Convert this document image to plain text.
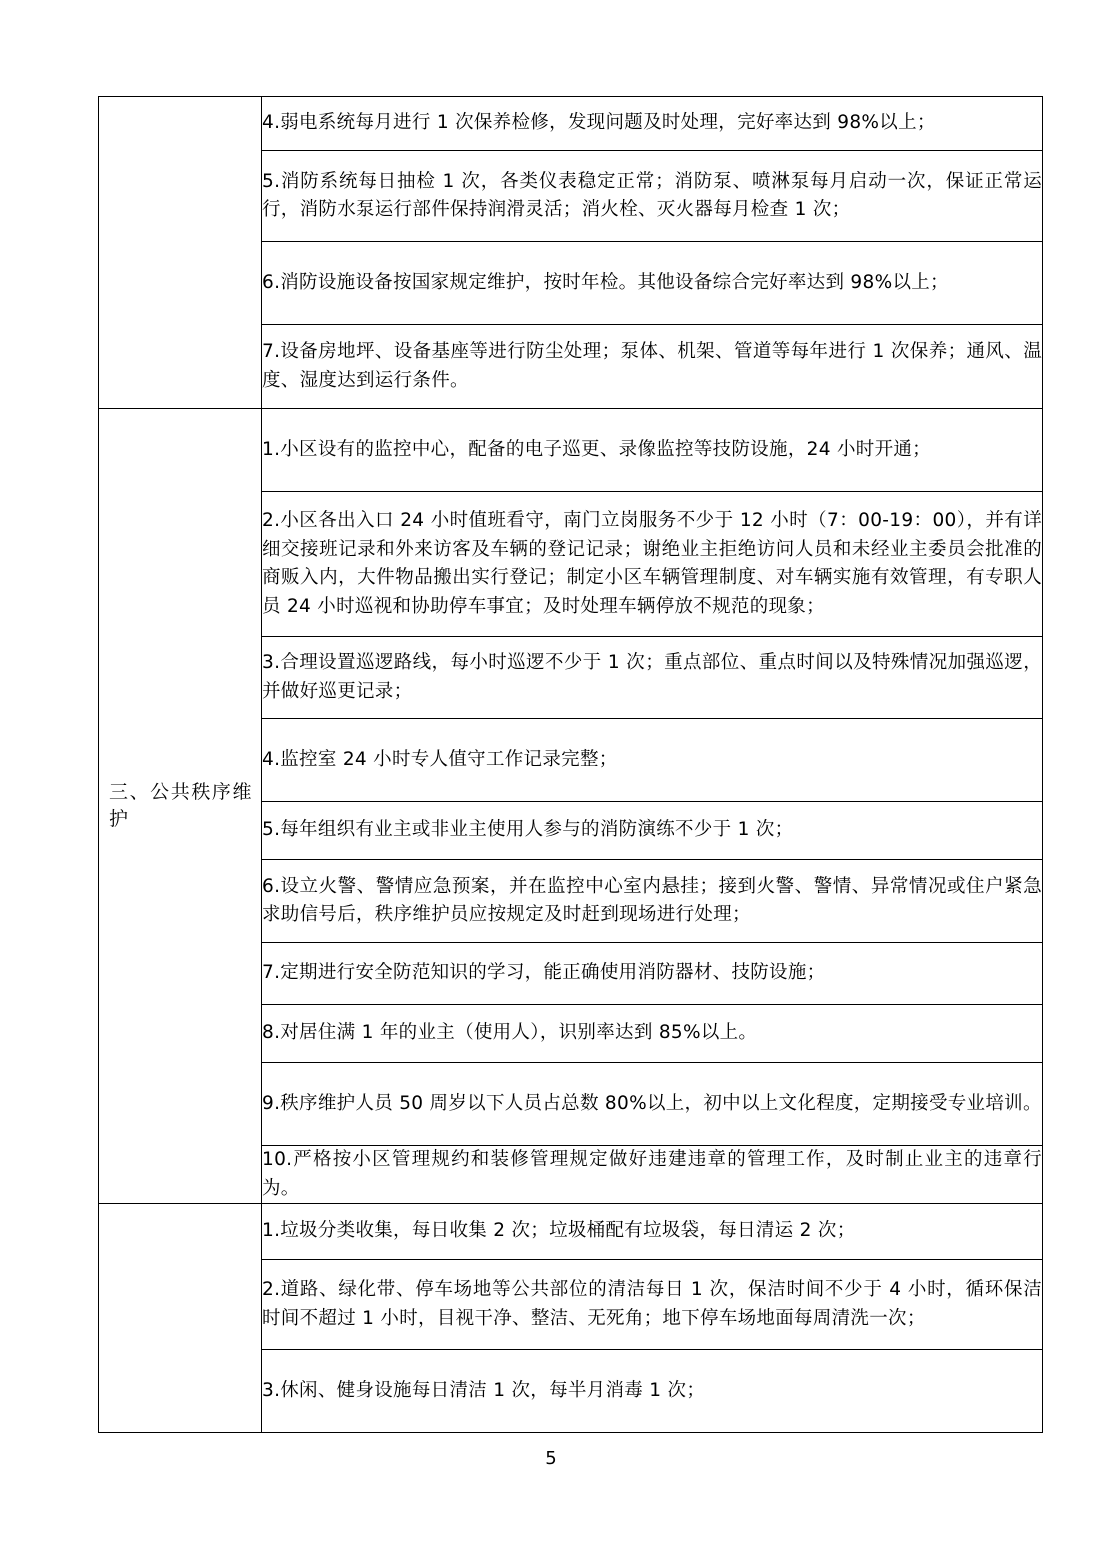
	4.弱电系统每月进行 1 次保养检修，发现问题及时处理，完好率达到 98%以上；

	5.消防系统每日抽检 1 次，各类仪表稳定正常；消防泵、喷淋泵每月启动一次，保证正常运行，消防水泵运行部件保持润滑灵活；消火栓、灭火器每月检查 1 次；

	6.消防设施设备按国家规定维护，按时年检。其他设备综合完好率达到 98%以上；

	7.设备房地坪、设备基座等进行防尘处理；泵体、机架、管道等每年进行 1 次保养；通风、温度、湿度达到运行条件。

三、公共秩序维护	1.小区设有的监控中心，配备的电子巡更、录像监控等技防设施，24 小时开通；

	2.小区各出入口 24 小时值班看守，南门立岗服务不少于 12 小时（7：00-19：00），并有详细交接班记录和外来访客及车辆的登记记录；谢绝业主拒绝访问人员和未经业主委员会批准的商贩入内，大件物品搬出实行登记；制定小区车辆管理制度、对车辆实施有效管理，有专职人员 24 小时巡视和协助停车事宜；及时处理车辆停放不规范的现象；

	3.合理设置巡逻路线，每小时巡逻不少于 1 次；重点部位、重点时间以及特殊情况加强巡逻，并做好巡更记录；

	4.监控室 24 小时专人值守工作记录完整；

	5.每年组织有业主或非业主使用人参与的消防演练不少于 1 次；

	6.设立火警、警情应急预案，并在监控中心室内悬挂；接到火警、警情、异常情况或住户紧急求助信号后，秩序维护员应按规定及时赶到现场进行处理；

	7.定期进行安全防范知识的学习，能正确使用消防器材、技防设施；

	8.对居住满 1 年的业主（使用人），识别率达到 85%以上。

	9.秩序维护人员 50 周岁以下人员占总数 80%以上，初中以上文化程度，定期接受专业培训。

	10.严格按小区管理规约和装修管理规定做好违建违章的管理工作，及时制止业主的违章行为。

	1.垃圾分类收集，每日收集 2 次；垃圾桶配有垃圾袋，每日清运 2 次；

	2.道路、绿化带、停车场地等公共部位的清洁每日 1 次，保洁时间不少于 4 小时，循环保洁时间不超过 1 小时，目视干净、整洁、无死角；地下停车场地面每周清洗一次；

	3.休闲、健身设施每日清洁 1 次，每半月消毒 1 次；
5
